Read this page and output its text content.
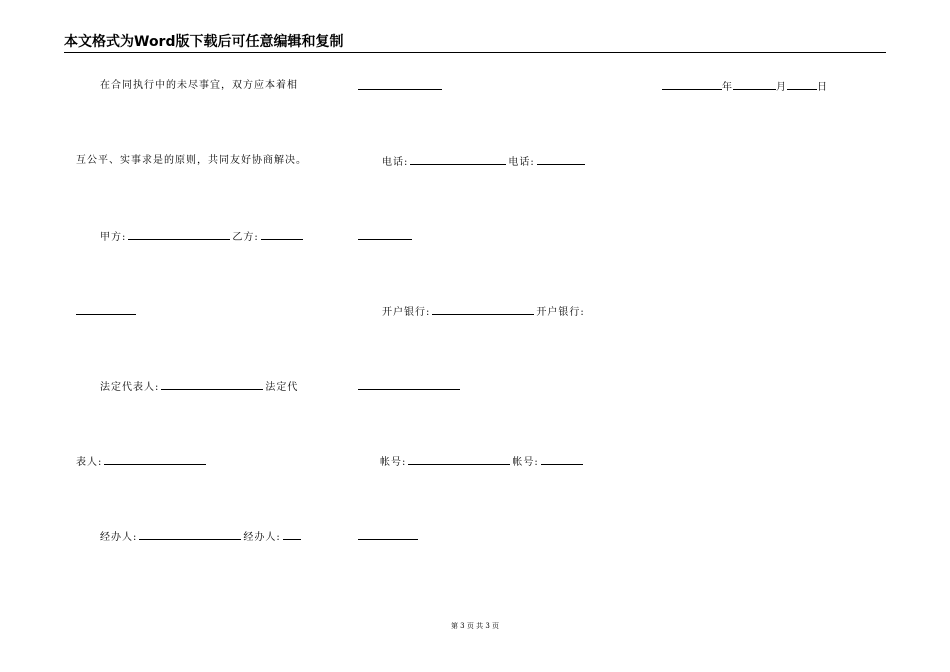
本文格式为Word版下载后可任意编辑和复制
在合同执行中的未尽事宜，双方应本着相	年	月	日
互公平、实事求是的原则，共同友好协商解决。	电话:	电话:
甲方:	乙方:
开户银行:	开户银行:
法定代表人:	法定代
表人:	帐号:	帐号:
经办人:	经办人:
第 3 页 共 3 页
